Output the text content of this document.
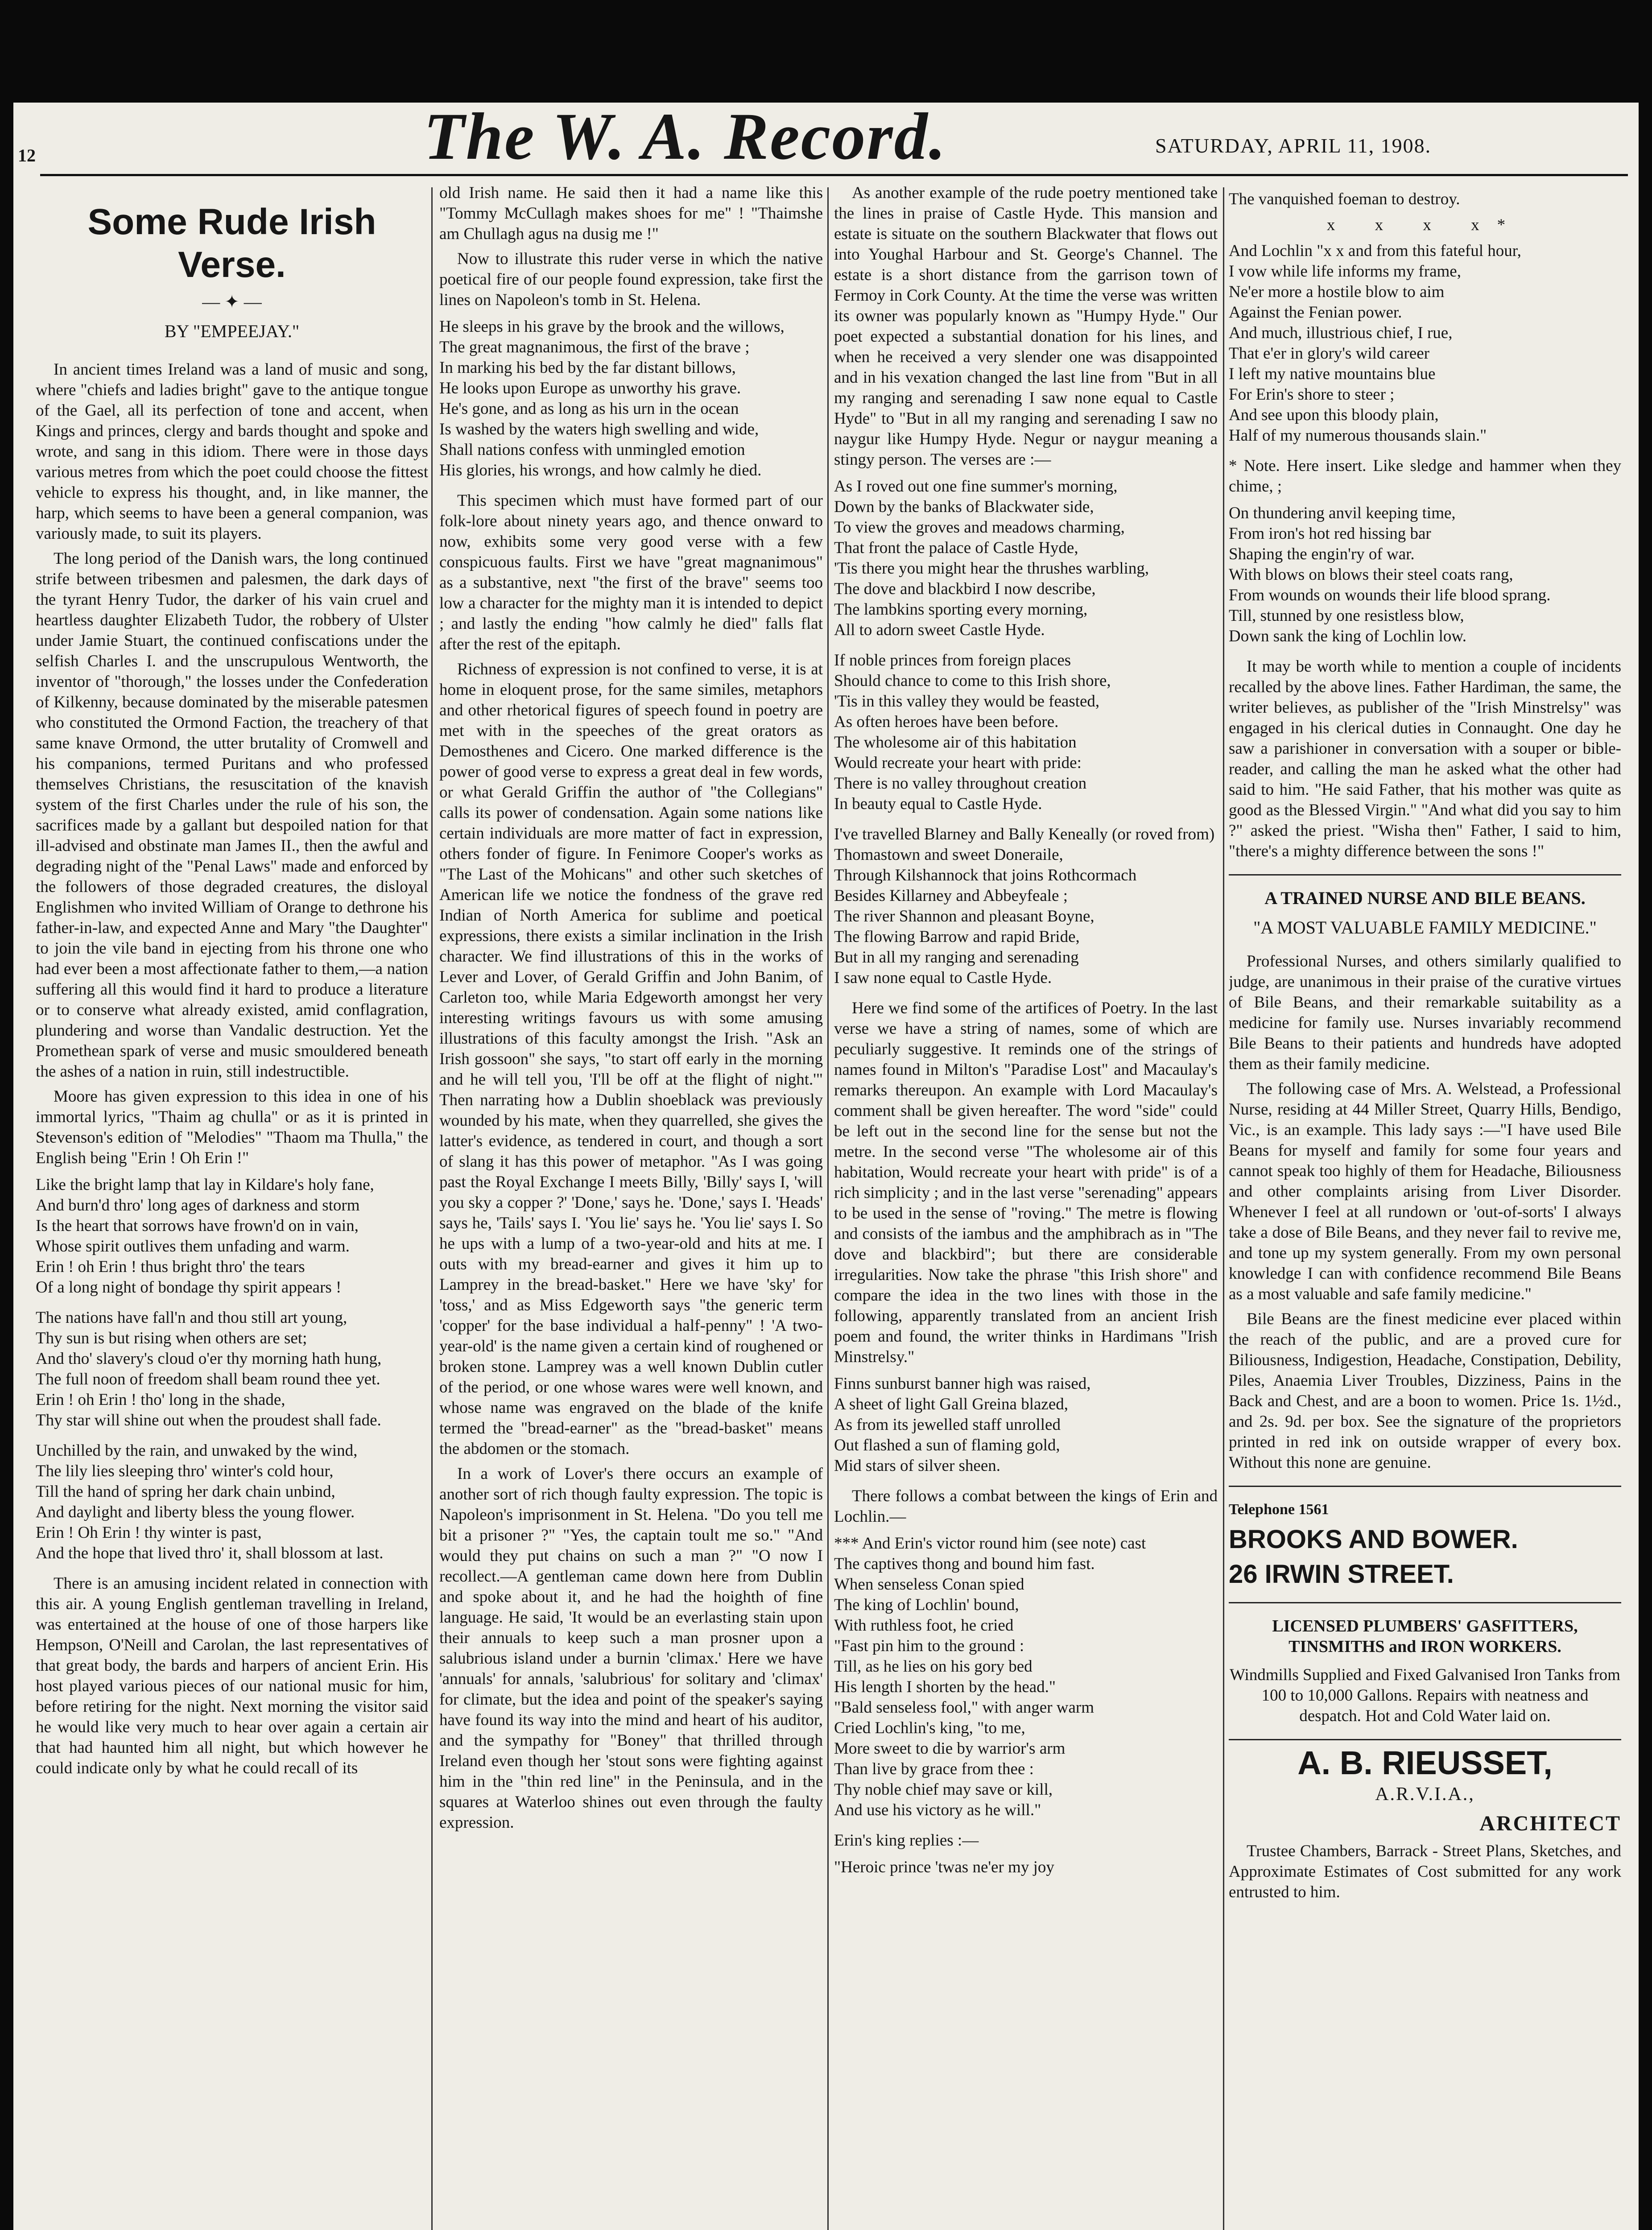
12	The W. A. Record.	SATURDAY, APRIL 11, 1908.
Some Rude Irish Verse.
— ✦ —
BY "EMPEEJAY."

In ancient times Ireland was a land of music and song, where "chiefs and ladies bright" gave to the antique tongue of the Gael, all its perfection of tone and accent, when Kings and princes, clergy and bards thought and spoke and wrote, and sang in this idiom. There were in those days various metres from which the poet could choose the fittest vehicle to express his thought, and, in like manner, the harp, which seems to have been a general companion, was variously made, to suit its players.

The long period of the Danish wars, the long continued strife between tribesmen and palesmen, the dark days of the tyrant Henry Tudor, the darker of his vain cruel and heartless daughter Elizabeth Tudor, the robbery of Ulster under Jamie Stuart, the continued confiscations under the selfish Charles I. and the unscrupulous Wentworth, the inventor of "thorough," the losses under the Confederation of Kilkenny, because dominated by the miserable patesmen who constituted the Ormond Faction, the treachery of that same knave Ormond, the utter brutality of Cromwell and his companions, termed Puritans and who professed themselves Christians, the resuscitation of the knavish system of the first Charles under the rule of his son, the sacrifices made by a gallant but despoiled nation for that ill-advised and obstinate man James II., then the awful and degrading night of the "Penal Laws" made and enforced by the followers of those degraded creatures, the disloyal Englishmen who invited William of Orange to dethrone his father-in-law, and expected Anne and Mary "the Daughter" to join the vile band in ejecting from his throne one who had ever been a most affectionate father to them,—a nation suffering all this would find it hard to produce a literature or to conserve what already existed, amid conflagration, plundering and worse than Vandalic destruction. Yet the Promethean spark of verse and music smouldered beneath the ashes of a nation in ruin, still indestructible.

Moore has given expression to this idea in one of his immortal lyrics, "Thaim ag chulla" or as it is printed in Stevenson's edition of "Melodies" "Thaom ma Thulla," the English being "Erin ! Oh Erin !"

Like the bright lamp that lay in Kildare's holy fane,
And burn'd thro' long ages of darkness and storm
Is the heart that sorrows have frown'd on in vain,
Whose spirit outlives them unfading and warm.
Erin ! oh Erin ! thus bright thro' the tears
Of a long night of bondage thy spirit appears !
The nations have fall'n and thou still art young,
Thy sun is but rising when others are set;
And tho' slavery's cloud o'er thy morning hath hung,
The full noon of freedom shall beam round thee yet.
Erin ! oh Erin ! tho' long in the shade,
Thy star will shine out when the proudest shall fade.
Unchilled by the rain, and unwaked by the wind,
The lily lies sleeping thro' winter's cold hour,
Till the hand of spring her dark chain unbind,
And daylight and liberty bless the young flower.
Erin ! Oh Erin ! thy winter is past,
And the hope that lived thro' it, shall blossom at last.

There is an amusing incident related in connection with this air. A young English gentleman travelling in Ireland, was entertained at the house of one of those harpers like Hempson, O'Neill and Carolan, the last representatives of that great body, the bards and harpers of ancient Erin. His host played various pieces of our national music for him, before retiring for the night. Next morning the visitor said he would like very much to hear over again a certain air that had haunted him all night, but which however he could indicate only by what he could recall of its

old Irish name. He said then it had a name like this "Tommy McCullagh makes shoes for me" ! "Thaimshe am Chullagh agus na dusig me !"

Now to illustrate this ruder verse in which the native poetical fire of our people found expression, take first the lines on Napoleon's tomb in St. Helena.

He sleeps in his grave by the brook and the willows,
The great magnanimous, the first of the brave ;
In marking his bed by the far distant billows,
He looks upon Europe as unworthy his grave.
He's gone, and as long as his urn in the ocean
Is washed by the waters high swelling and wide,
Shall nations confess with unmingled emotion
His glories, his wrongs, and how calmly he died.

This specimen which must have formed part of our folk-lore about ninety years ago, and thence onward to now, exhibits some very good verse with a few conspicuous faults. First we have "great magnanimous" as a substantive, next "the first of the brave" seems too low a character for the mighty man it is intended to depict ; and lastly the ending "how calmly he died" falls flat after the rest of the epitaph.

Richness of expression is not confined to verse, it is at home in eloquent prose, for the same similes, metaphors and other rhetorical figures of speech found in poetry are met with in the speeches of the great orators as Demosthenes and Cicero. One marked difference is the power of good verse to express a great deal in few words, or what Gerald Griffin the author of "the Collegians" calls its power of condensation. Again some nations like certain individuals are more matter of fact in expression, others fonder of figure. In Fenimore Cooper's works as "The Last of the Mohicans" and other such sketches of American life we notice the fondness of the grave red Indian of North America for sublime and poetical expressions, there exists a similar inclination in the Irish character. We find illustrations of this in the works of Lever and Lover, of Gerald Griffin and John Banim, of Carleton too, while Maria Edgeworth amongst her very interesting writings favours us with some amusing illustrations of this faculty amongst the Irish. "Ask an Irish gossoon" she says, "to start off early in the morning and he will tell you, 'I'll be off at the flight of night.'" Then narrating how a Dublin shoeblack was previously wounded by his mate, when they quarrelled, she gives the latter's evidence, as tendered in court, and though a sort of slang it has this power of metaphor. "As I was going past the Royal Exchange I meets Billy, 'Billy' says I, 'will you sky a copper ?' 'Done,' says he. 'Done,' says I. 'Heads' says he, 'Tails' says I. 'You lie' says he. 'You lie' says I. So he ups with a lump of a two-year-old and hits at me. I outs with my bread-earner and gives it him up to Lamprey in the bread-basket." Here we have 'sky' for 'toss,' and as Miss Edgeworth says "the generic term 'copper' for the base individual a half-penny" ! 'A two-year-old' is the name given a certain kind of roughened or broken stone. Lamprey was a well known Dublin cutler of the period, or one whose wares were well known, and whose name was engraved on the blade of the knife termed the "bread-earner" as the "bread-basket" means the abdomen or the stomach.

In a work of Lover's there occurs an example of another sort of rich though faulty expression. The topic is Napoleon's imprisonment in St. Helena. "Do you tell me bit a prisoner ?" "Yes, the captain toult me so." "And would they put chains on such a man ?" "O now I recollect.—A gentleman came down here from Dublin and spoke about it, and he had the hoighth of fine language. He said, 'It would be an everlasting stain upon their annuals to keep such a man prosner upon a salubrious island under a burnin 'climax.' Here we have 'annuals' for annals, 'salubrious' for solitary and 'climax' for climate, but the idea and point of the speaker's saying have found its way into the mind and heart of his auditor, and the sympathy for "Boney" that thrilled through Ireland even though her 'stout sons were fighting against him in the "thin red line" in the Peninsula, and in the squares at Waterloo shines out even through the faulty expression.

As another example of the rude poetry mentioned take the lines in praise of Castle Hyde. This mansion and estate is situate on the southern Blackwater that flows out into Youghal Harbour and St. George's Channel. The estate is a short distance from the garrison town of Fermoy in Cork County. At the time the verse was written its owner was popularly known as "Humpy Hyde." Our poet expected a substantial donation for his lines, and when he received a very slender one was disappointed and in his vexation changed the last line from "But in all my ranging and serenading I saw none equal to Castle Hyde" to "But in all my ranging and serenading I saw no naygur like Humpy Hyde. Negur or naygur meaning a stingy person. The verses are :—

As I roved out one fine summer's morning,
Down by the banks of Blackwater side,
To view the groves and meadows charming,
That front the palace of Castle Hyde,
'Tis there you might hear the thrushes warbling,
The dove and blackbird I now describe,
The lambkins sporting every morning,
All to adorn sweet Castle Hyde.
If noble princes from foreign places
Should chance to come to this Irish shore,
'Tis in this valley they would be feasted,
As often heroes have been before.
The wholesome air of this habitation
Would recreate your heart with pride:
There is no valley throughout creation
In beauty equal to Castle Hyde.
I've travelled Blarney and Bally Keneally (or roved from)
Thomastown and sweet Doneraile,
Through Kilshannock that joins Rothcormach
Besides Killarney and Abbeyfeale ;
The river Shannon and pleasant Boyne,
The flowing Barrow and rapid Bride,
But in all my ranging and serenading
I saw none equal to Castle Hyde.

Here we find some of the artifices of Poetry. In the last verse we have a string of names, some of which are peculiarly suggestive. It reminds one of the strings of names found in Milton's "Paradise Lost" and Macaulay's remarks thereupon. An example with Lord Macaulay's comment shall be given hereafter. The word "side" could be left out in the second line for the sense but not the metre. In the second verse "The wholesome air of this habitation, Would recreate your heart with pride" is of a rich simplicity ; and in the last verse "serenading" appears to be used in the sense of "roving." The metre is flowing and consists of the iambus and the amphibrach as in "The dove and blackbird"; but there are considerable irregularities. Now take the phrase "this Irish shore" and compare the idea in the two lines with those in the following, apparently translated from an ancient Irish poem and found, the writer thinks in Hardimans "Irish Minstrelsy."

Finns sunburst banner high was raised,
A sheet of light Gall Greina blazed,
As from its jewelled staff unrolled
Out flashed a sun of flaming gold,
Mid stars of silver sheen.

There follows a combat between the kings of Erin and Lochlin.—

*** And Erin's victor round him (see note) cast
The captives thong and bound him fast.
When senseless Conan spied
The king of Lochlin' bound,
With ruthless foot, he cried
"Fast pin him to the ground :
Till, as he lies on his gory bed
His length I shorten by the head."
"Bald senseless fool," with anger warm
Cried Lochlin's king, "to me,
More sweet to die by warrior's arm
Than live by grace from thee :
Thy noble chief may save or kill,
And use his victory as he will."

Erin's king replies :—

"Heroic prince 'twas ne'er my joy
The vanquished foeman to destroy.
x x x x*
And Lochlin "x x and from this fateful hour,
I vow while life informs my frame,
Ne'er more a hostile blow to aim
Against the Fenian power.
And much, illustrious chief, I rue,
That e'er in glory's wild career
I left my native mountains blue
For Erin's shore to steer ;
And see upon this bloody plain,
Half of my numerous thousands slain."

* Note. Here insert. Like sledge and hammer when they chime, ;

On thundering anvil keeping time,
From iron's hot red hissing bar
Shaping the engin'ry of war.
With blows on blows their steel coats rang,
From wounds on wounds their life blood sprang.
Till, stunned by one resistless blow,
Down sank the king of Lochlin low.

It may be worth while to mention a couple of incidents recalled by the above lines. Father Hardiman, the same, the writer believes, as publisher of the "Irish Minstrelsy" was engaged in his clerical duties in Connaught. One day he saw a parishioner in conversation with a souper or bible-reader, and calling the man he asked what the other had said to him. "He said Father, that his mother was quite as good as the Blessed Virgin." "And what did you say to him ?" asked the priest. "Wisha then" Father, I said to him, "there's a mighty difference between the sons !"

A TRAINED NURSE AND BILE BEANS.
"A MOST VALUABLE FAMILY MEDICINE."

Professional Nurses, and others similarly qualified to judge, are unanimous in their praise of the curative virtues of Bile Beans, and their remarkable suitability as a medicine for family use. Nurses invariably recommend Bile Beans to their patients and hundreds have adopted them as their family medicine.

The following case of Mrs. A. Welstead, a Professional Nurse, residing at 44 Miller Street, Quarry Hills, Bendigo, Vic., is an example. This lady says :—"I have used Bile Beans for myself and family for some four years and cannot speak too highly of them for Headache, Biliousness and other complaints arising from Liver Disorder. Whenever I feel at all rundown or 'out-of-sorts' I always take a dose of Bile Beans, and they never fail to revive me, and tone up my system generally. From my own personal knowledge I can with confidence recommend Bile Beans as a most valuable and safe family medicine."

Bile Beans are the finest medicine ever placed within the reach of the public, and are a proved cure for Biliousness, Indigestion, Headache, Constipation, Debility, Piles, Anaemia Liver Troubles, Dizziness, Pains in the Back and Chest, and are a boon to women. Price 1s. 1½d., and 2s. 9d. per box. See the signature of the proprietors printed in red ink on outside wrapper of every box. Without this none are genuine.

Telephone 1561
BROOKS AND BOWER.
26 IRWIN STREET.
LICENSED PLUMBERS' GASFITTERS, TINSMITHS and IRON WORKERS.

Windmills Supplied and Fixed Galvanised Iron Tanks from 100 to 10,000 Gallons. Repairs with neatness and despatch. Hot and Cold Water laid on.

A. B. RIEUSSET,
A.R.V.I.A.,
ARCHITECT

Trustee Chambers, Barrack - Street Plans, Sketches, and Approximate Estimates of Cost submitted for any work entrusted to him.
